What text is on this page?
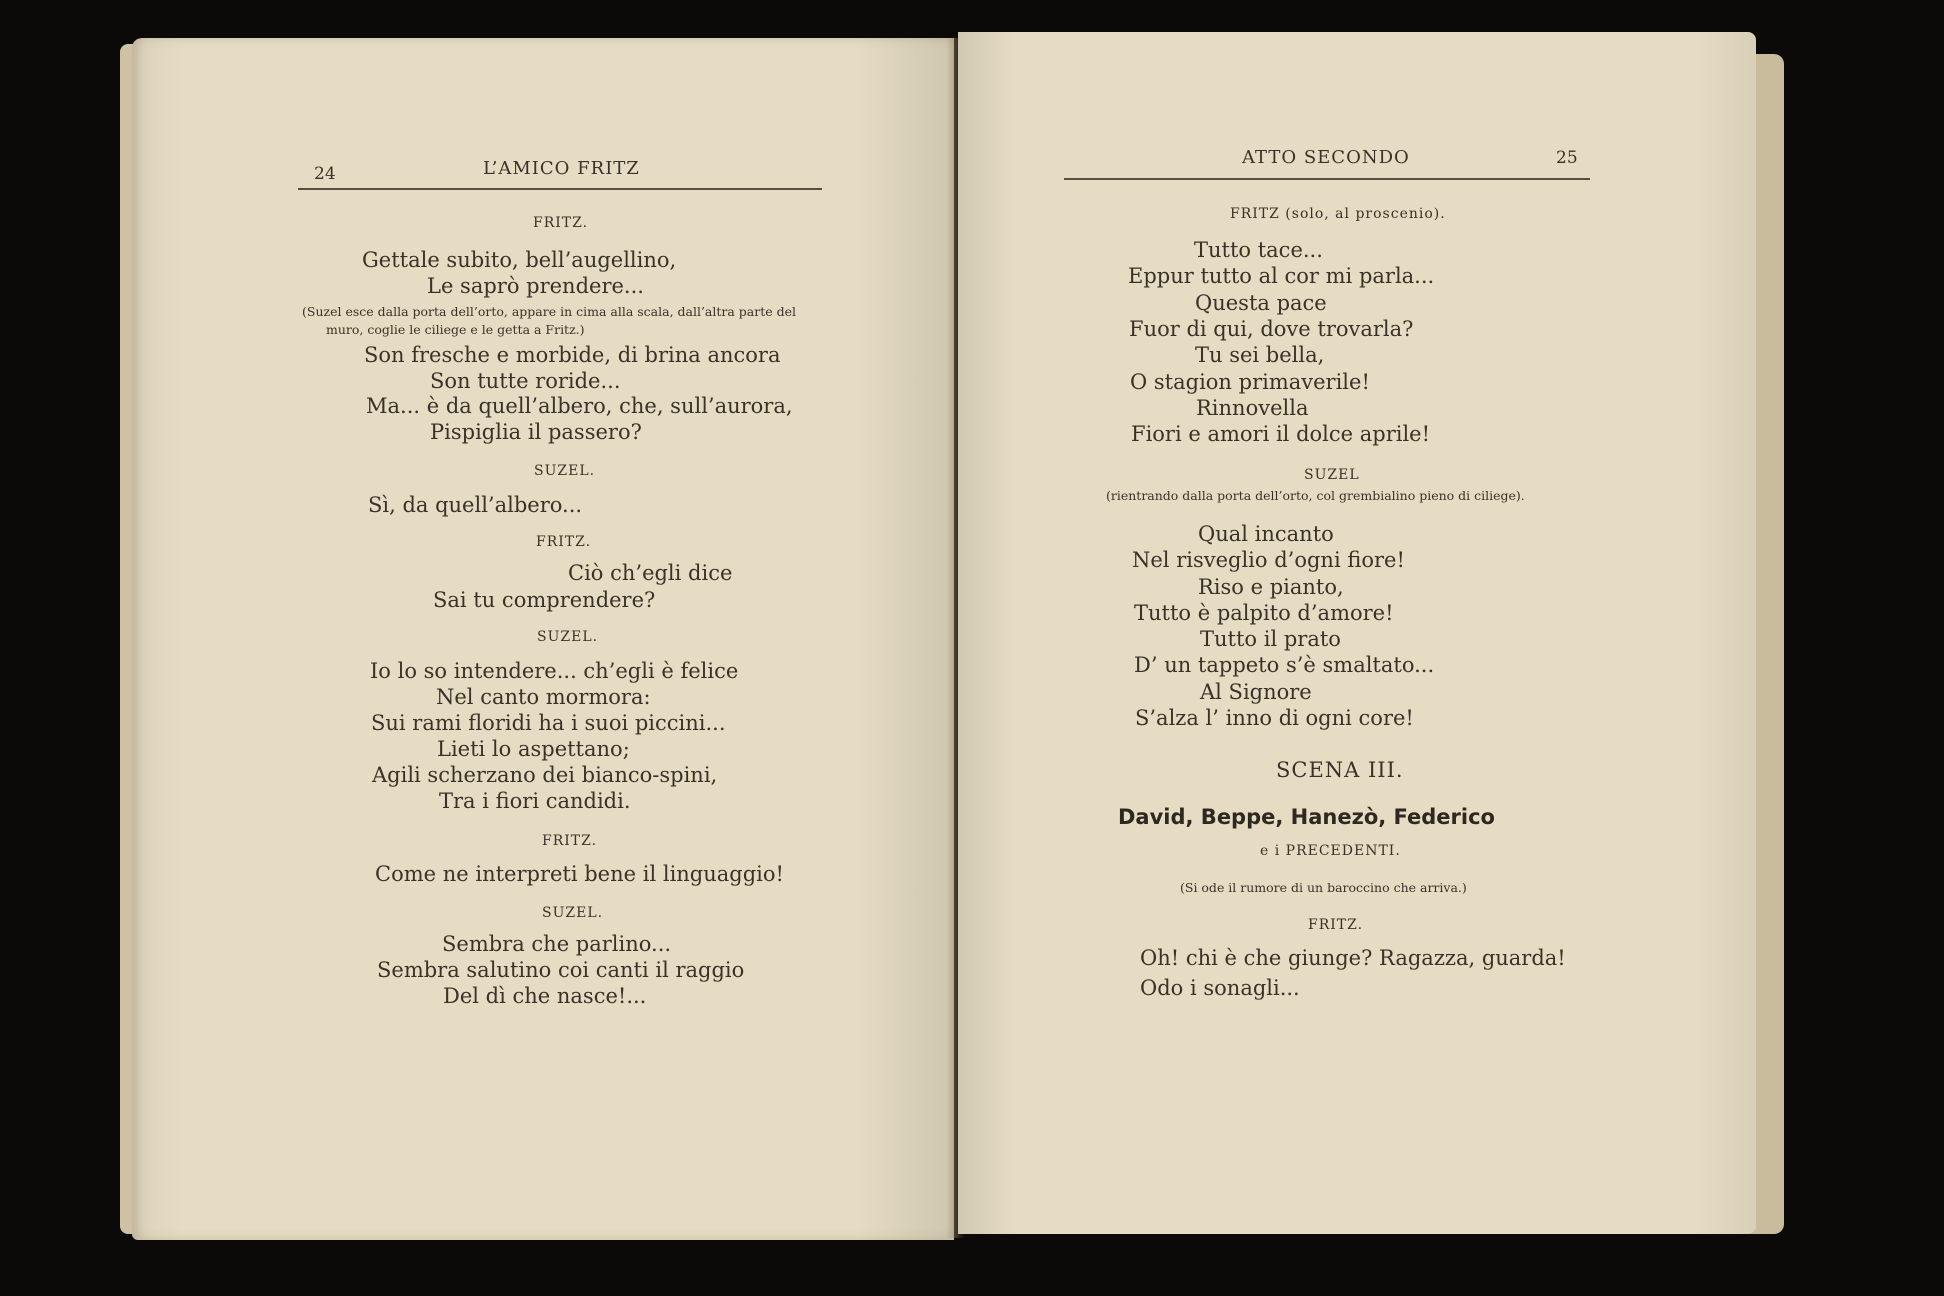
24	L’AMICO FRITZ
FRITZ.
Gettale subito, bell’augellino,
Le saprò prendere...
(Suzel esce dalla porta dell’orto, appare in cima alla scala, dall’altra parte del
muro, coglie le ciliege e le getta a Fritz.)
Son fresche e morbide, di brina ancora
Son tutte roride...
Ma... è da quell’albero, che, sull’aurora,
Pispiglia il passero?
SUZEL.
Sì, da quell’albero...
FRITZ.
Ciò ch’egli dice
Sai tu comprendere?
SUZEL.
Io lo so intendere... ch’egli è felice
Nel canto mormora:
Sui rami floridi ha i suoi piccini...
Lieti lo aspettano;
Agili scherzano dei bianco-spini,
Tra i fiori candidi.
FRITZ.
Come ne interpreti bene il linguaggio!
SUZEL.
Sembra che parlino...
Sembra salutino coi canti il raggio
Del dì che nasce!...
ATTO SECONDO	25
FRITZ (solo, al proscenio).
Tutto tace...
Eppur tutto al cor mi parla...
Questa pace
Fuor di qui, dove trovarla?
Tu sei bella,
O stagion primaverile!
Rinnovella
Fiori e amori il dolce aprile!
SUZEL
(rientrando dalla porta dell’orto, col grembialino pieno di ciliege).
Qual incanto
Nel risveglio d’ogni fiore!
Riso e pianto,
Tutto è palpito d’amore!
Tutto il prato
D’ un tappeto s’è smaltato...
Al Signore
S’alza l’ inno di ogni core!
SCENA III.
David, Beppe, Hanezò, Federico
e i PRECEDENTI.
(Si ode il rumore di un baroccino che arriva.)
FRITZ.
Oh! chi è che giunge? Ragazza, guarda!
Odo i sonagli...
